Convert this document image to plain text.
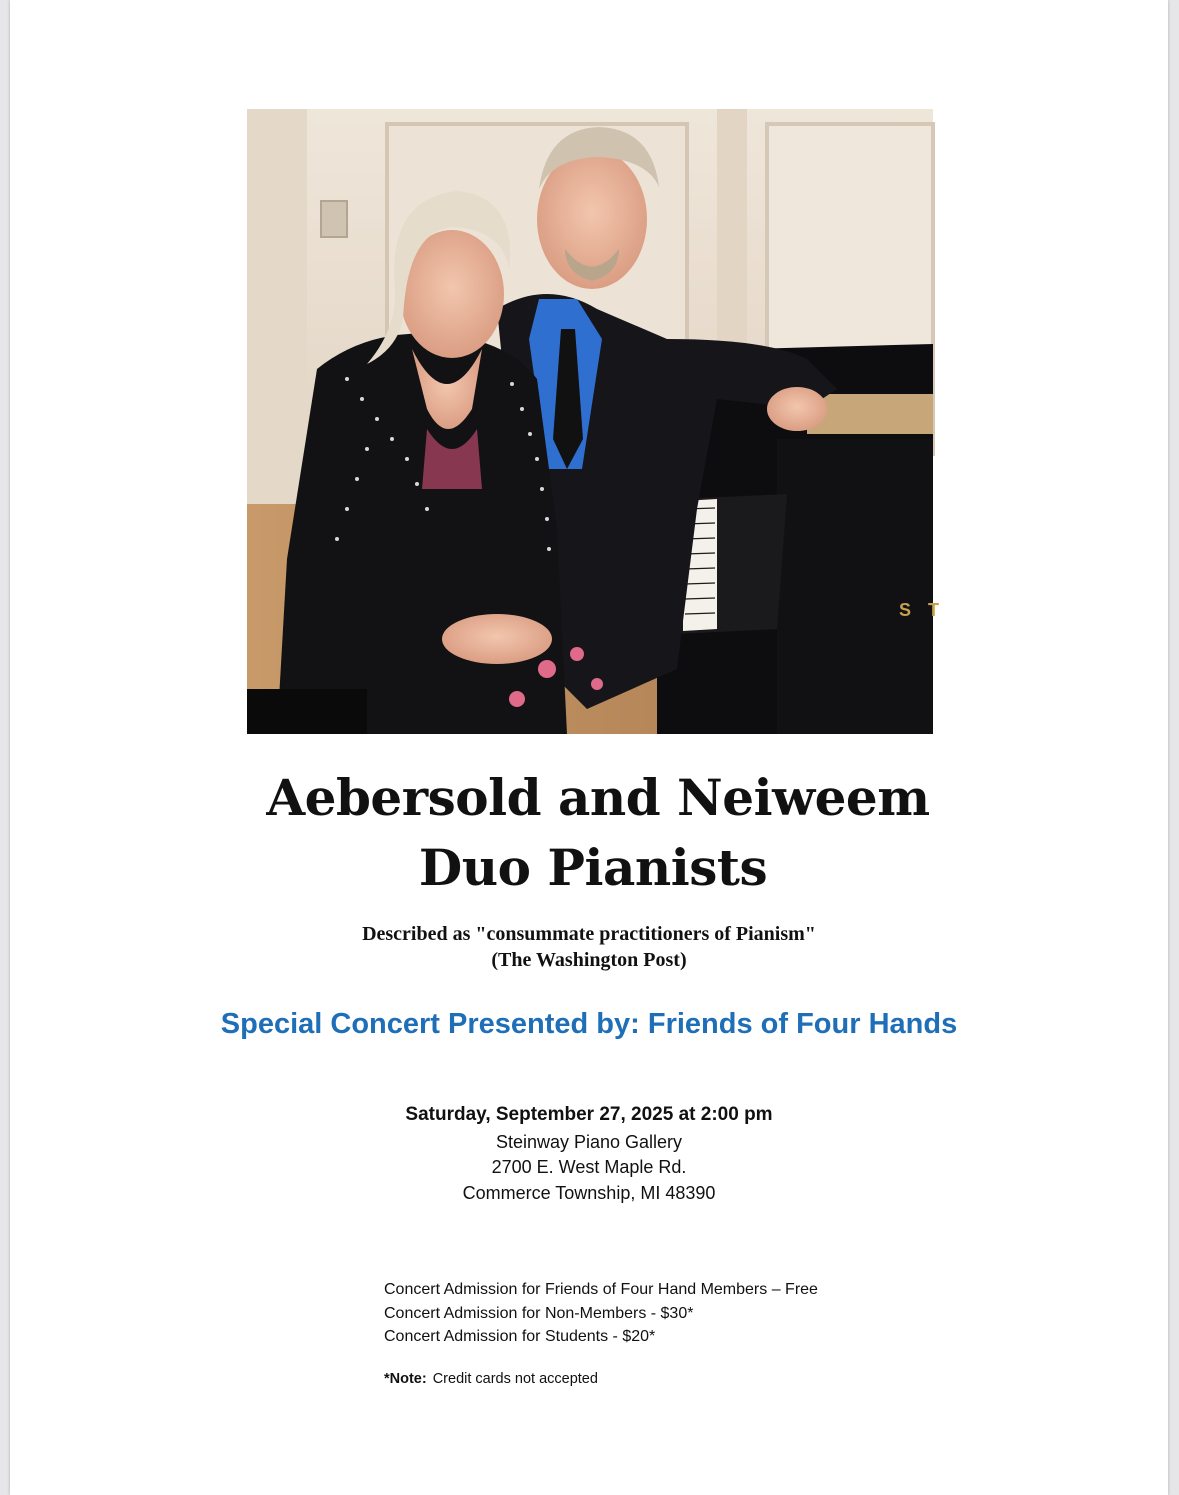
S T
Aebersold and Neiweem
Duo Pianists
Described as "consummate practitioners of Pianism"
(The Washington Post)
Special Concert Presented by: Friends of Four Hands
Saturday, September 27, 2025 at 2:00 pm
Steinway Piano Gallery
2700 E. West Maple Rd.
Commerce Township, MI 48390
Concert Admission for Friends of Four Hand Members – Free
Concert Admission for Non-Members - $30*
Concert Admission for Students - $20*
*Note: Credit cards not accepted
